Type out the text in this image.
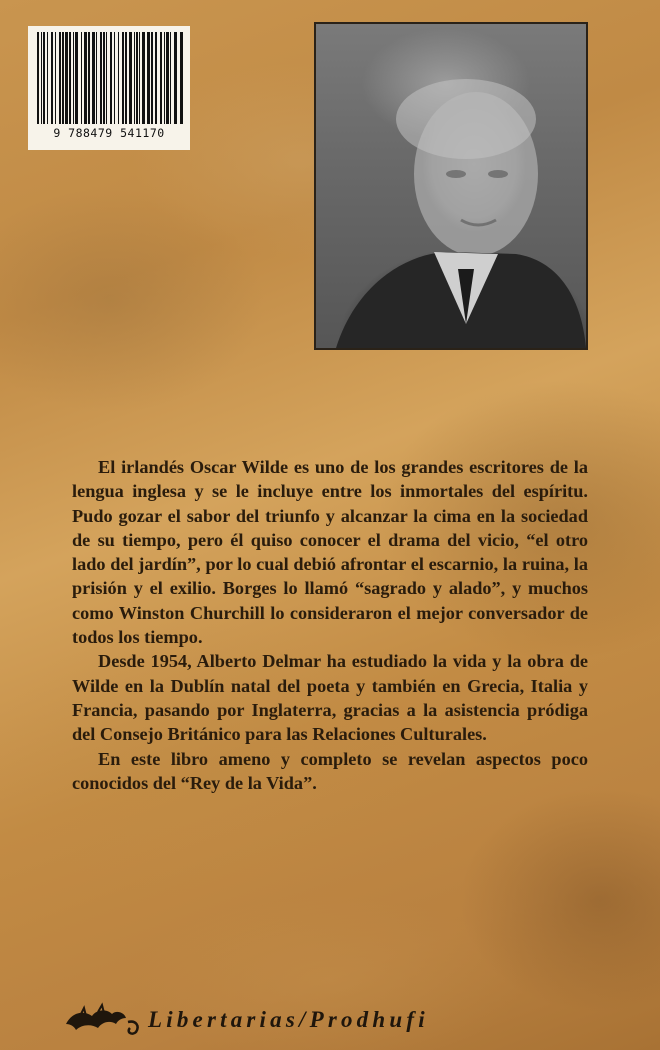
9 788479 541170

El irlandés Oscar Wilde es uno de los grandes escritores de la lengua inglesa y se le incluye entre los inmortales del espíritu. Pudo gozar el sabor del triunfo y alcanzar la cima en la sociedad de su tiempo, pero él quiso conocer el drama del vicio, “el otro lado del jardín”, por lo cual debió afrontar el escarnio, la ruina, la prisión y el exilio. Borges lo llamó “sagrado y alado”, y muchos como Winston Churchill lo consideraron el mejor conversador de todos los tiempo.

Desde 1954, Alberto Delmar ha estudiado la vida y la obra de Wilde en la Dublín natal del poeta y también en Grecia, Italia y Francia, pasando por Inglaterra, gracias a la asistencia pródiga del Consejo Británico para las Relaciones Culturales.

En este libro ameno y completo se revelan aspectos poco conocidos del “Rey de la Vida”.

Libertarias/Prodhufi
